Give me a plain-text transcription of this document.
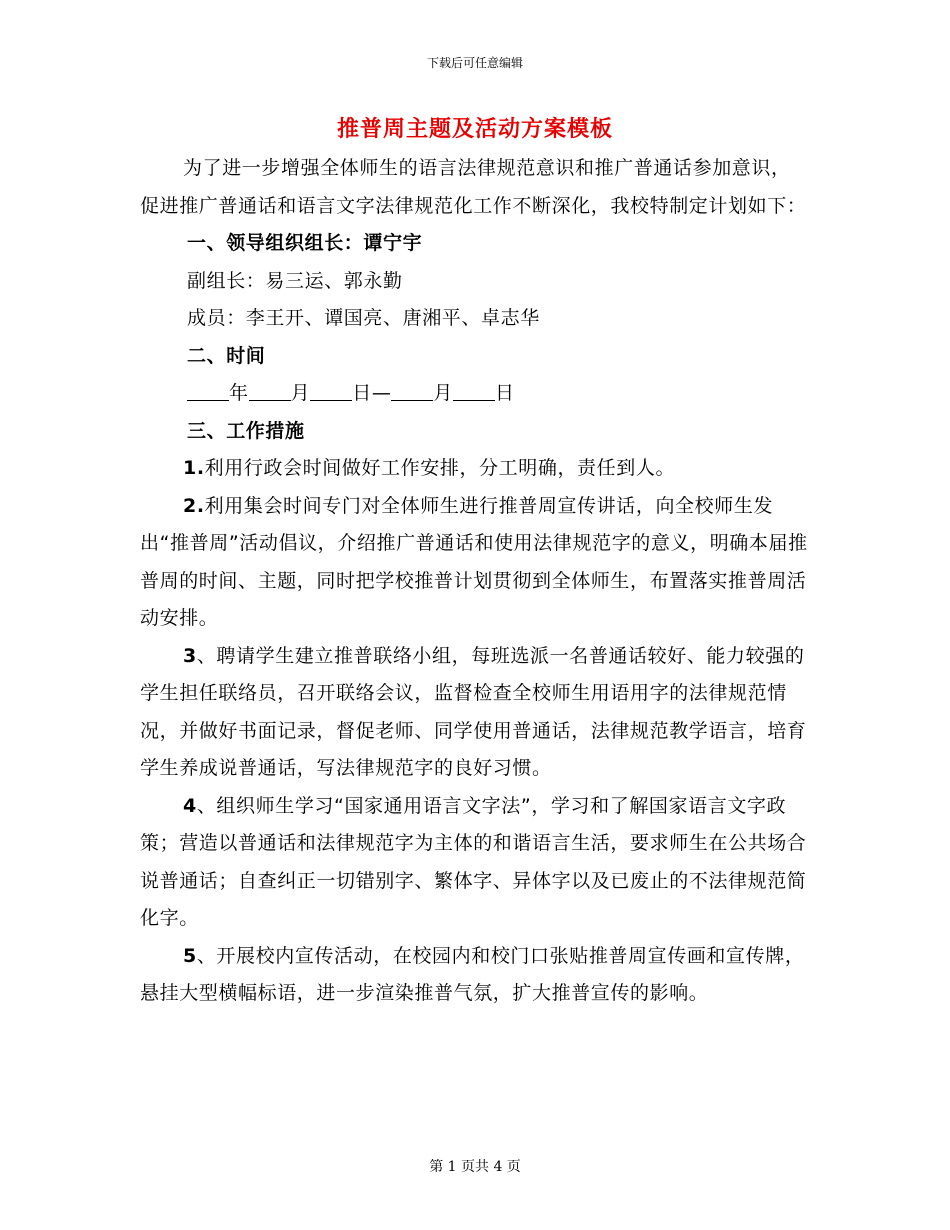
下载后可任意编辑
推普周主题及活动方案模板

为了进一步增强全体师生的语言法律规范意识和推广普通话参加意识，促进推广普通话和语言文字法律规范化工作不断深化，我校特制定计划如下：

一、领导组织组长：谭宁宇

副组长：易三运、郭永勤

成员：李王开、谭国亮、唐湘平、卓志华

二、时间

年 月 日— 月 日

三、工作措施

1.利用行政会时间做好工作安排，分工明确，责任到人。

2.利用集会时间专门对全体师生进行推普周宣传讲话，向全校师生发出“推普周”活动倡议，介绍推广普通话和使用法律规范字的意义，明确本届推普周的时间、主题，同时把学校推普计划贯彻到全体师生，布置落实推普周活动安排。

3、聘请学生建立推普联络小组，每班选派一名普通话较好、能力较强的学生担任联络员，召开联络会议，监督检查全校师生用语用字的法律规范情况，并做好书面记录，督促老师、同学使用普通话，法律规范教学语言，培育学生养成说普通话，写法律规范字的良好习惯。

4、组织师生学习“国家通用语言文字法”，学习和了解国家语言文字政策；营造以普通话和法律规范字为主体的和谐语言生活，要求师生在公共场合说普通话；自查纠正一切错别字、繁体字、异体字以及已废止的不法律规范简化字。

5、开展校内宣传活动，在校园内和校门口张贴推普周宣传画和宣传牌，悬挂大型横幅标语，进一步渲染推普气氛，扩大推普宣传的影响。

第 1 页共 4 页
